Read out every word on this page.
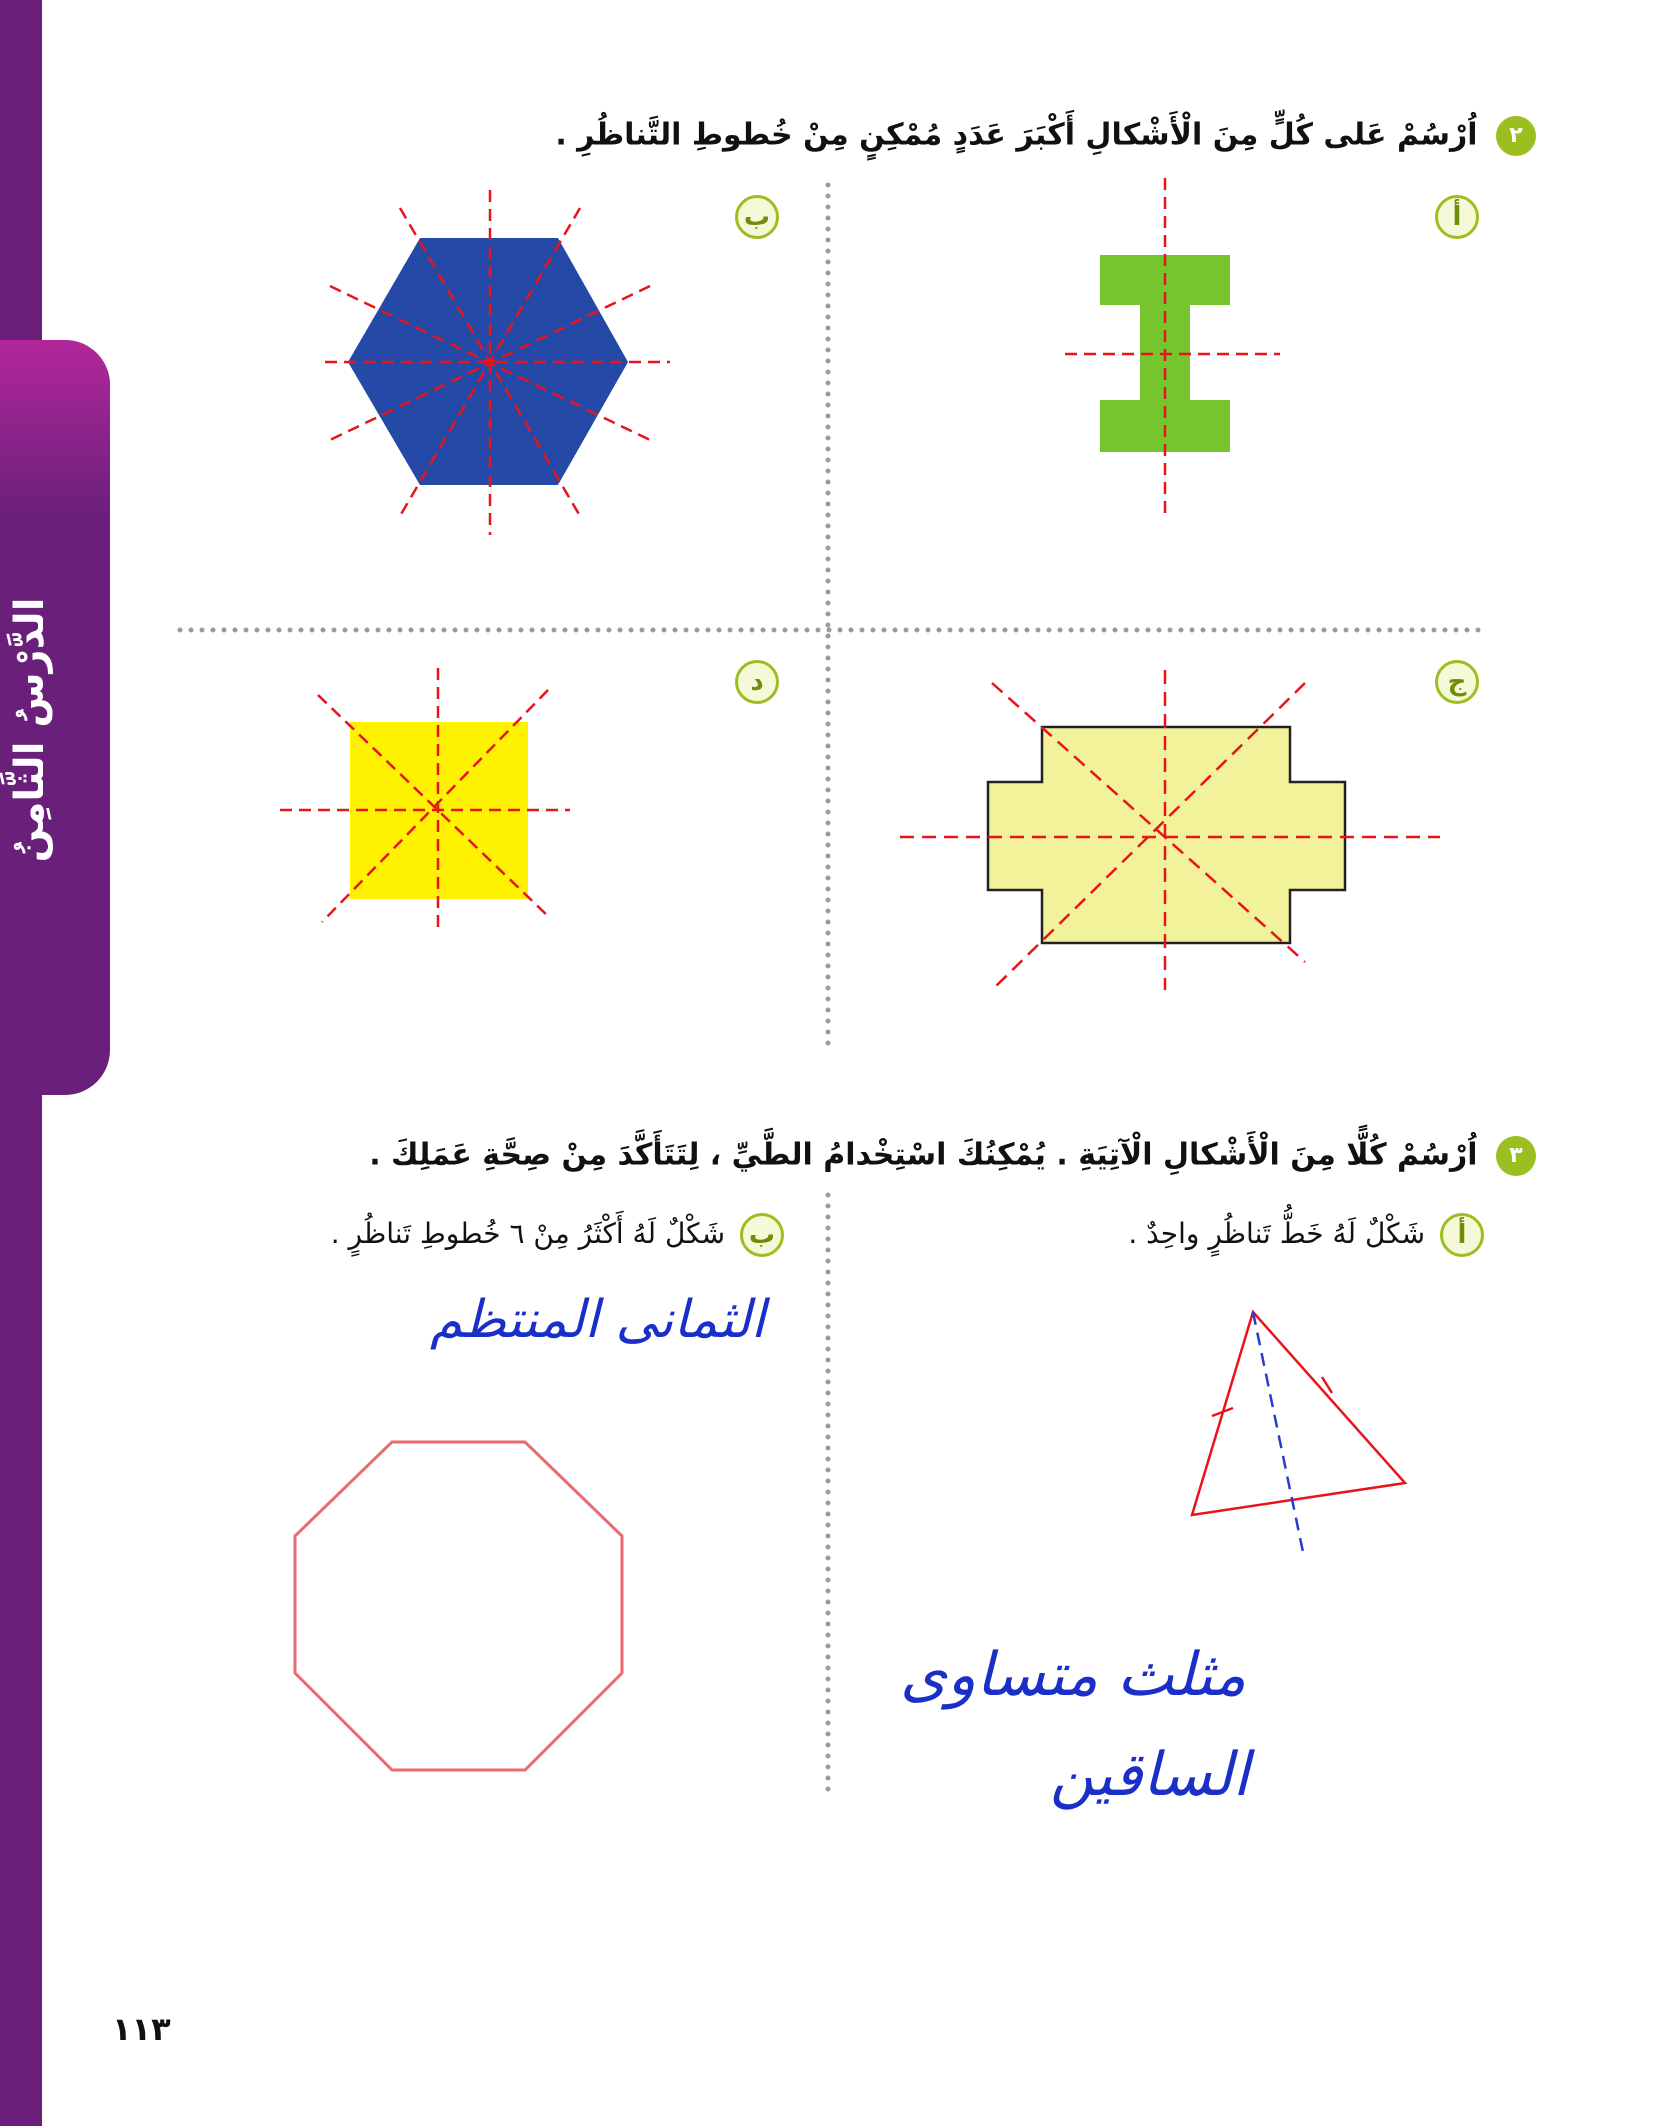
الدَّرْسُ الثَّامِنُ
٢ اُرْسُمْ عَلى كُلٍّ مِنَ الْأَشْكالِ أَكْبَرَ عَدَدٍ مُمْكِنٍ مِنْ خُطوطِ التَّناظُرِ .
أ
ب
ج
د
٣ اُرْسُمْ كُلًّا مِنَ الْأَشْكالِ الْآتِيَةِ . يُمْكِنُكَ اسْتِخْدامُ الطَّيِّ ، لِتَتَأَكَّدَ مِنْ صِحَّةِ عَمَلِكَ .
أ شَكْلٌ لَهُ خَطُّ تَناظُرٍ واحِدٌ .
ب شَكْلٌ لَهُ أَكْثَرُ مِنْ ٦ خُطوطِ تَناظُرٍ .
الثمانى المنتظم
مثلث متساوى
الساقين
١١٣
